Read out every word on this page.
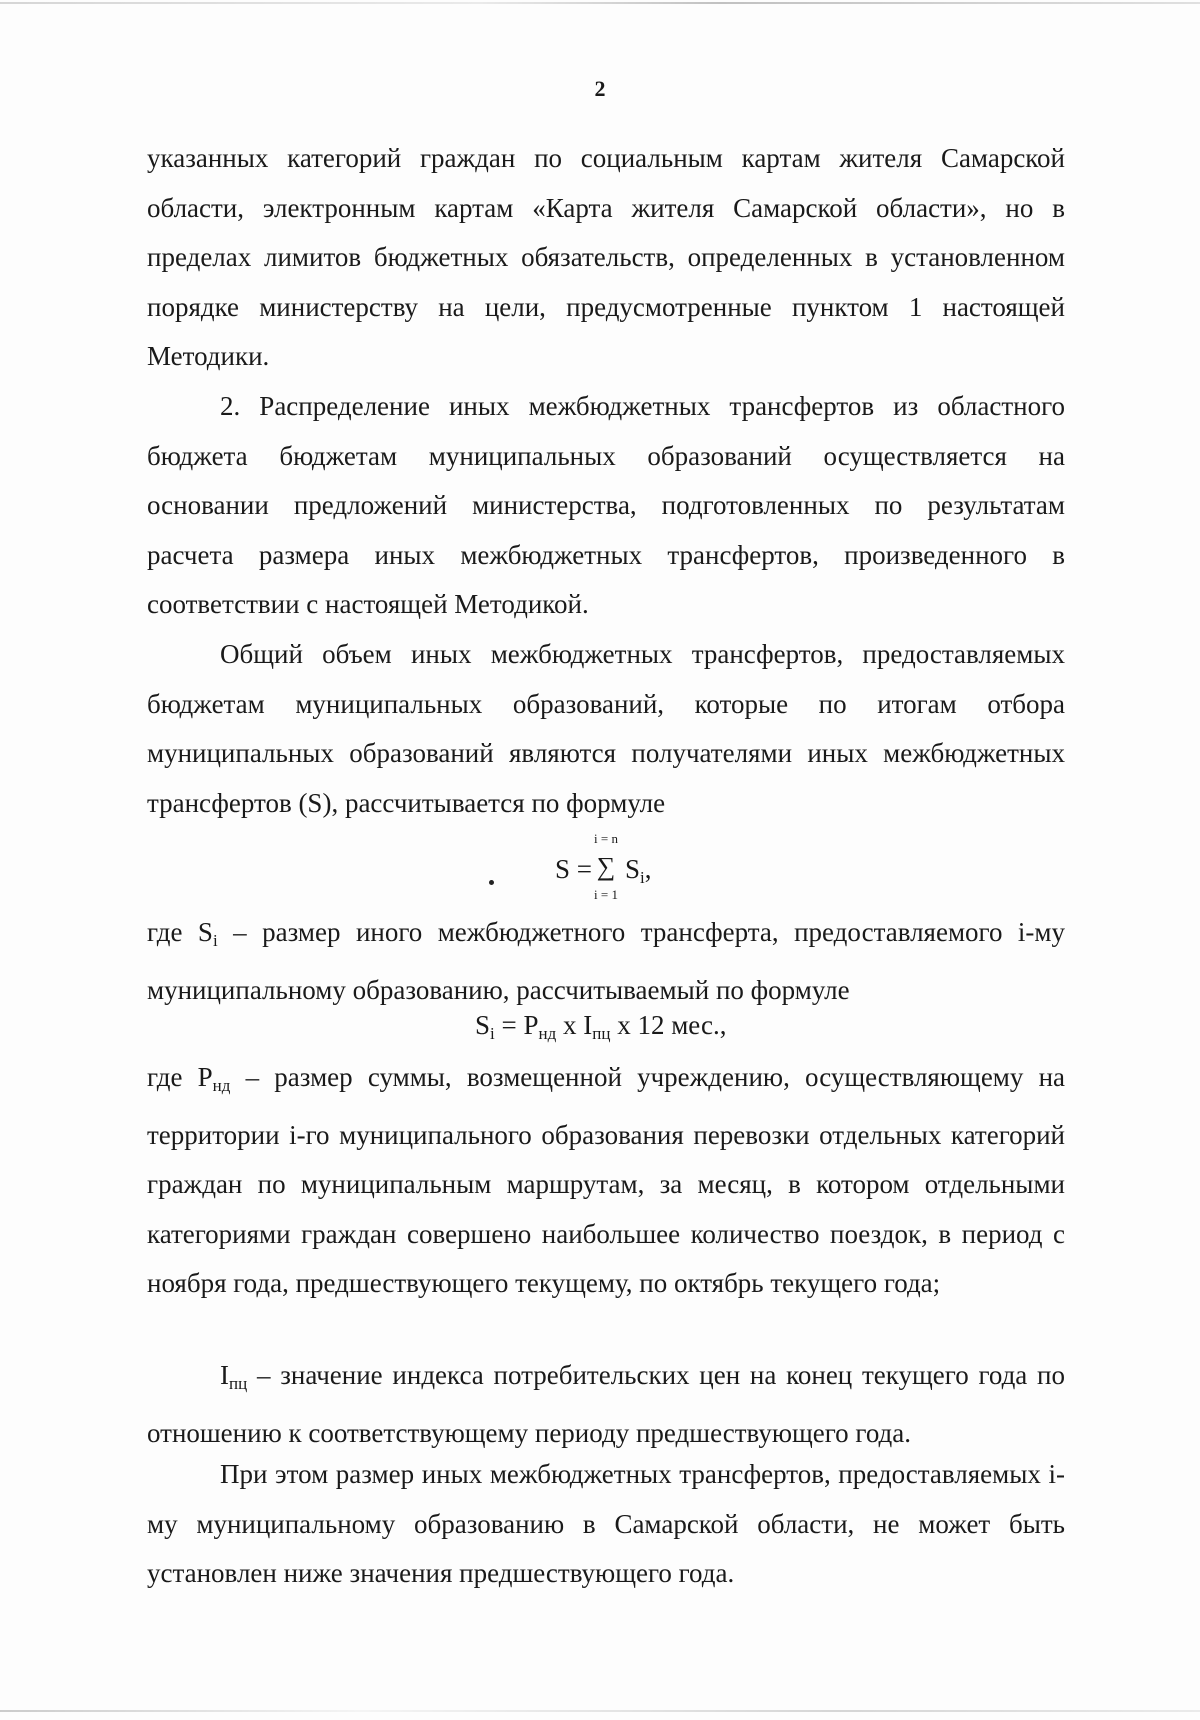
2

указанных категорий граждан по социальным картам жителя Самарской области, электронным картам «Карта жителя Самарской области», но в пределах лимитов бюджетных обязательств, определенных в установленном порядке министерству на цели, предусмотренные пунктом 1 настоящей Методики.

2. Распределение иных межбюджетных трансфертов из областного бюджета бюджетам муниципальных образований осуществляется на основании предложений министерства, подготовленных по результатам расчета размера иных межбюджетных трансфертов, произведенного в соответствии с настоящей Методикой.

Общий объем иных межбюджетных трансфертов, предоставляемых бюджетам муниципальных образований, которые по итогам отбора муниципальных образований являются получателями иных межбюджетных трансфертов (S), рассчитывается по формуле

S =
i = n
∑
i = 1
$S_i$,

где $S_i$ – размер иного межбюджетного трансферта, предоставляемого i-му муниципальному образованию, рассчитываемый по формуле

$S_i = P_{нд}$ x $I_{пц}$ x 12 мес.,

где $P_{нд}$ – размер суммы, возмещенной учреждению, осуществляющему на территории i-го муниципального образования перевозки отдельных категорий граждан по муниципальным маршрутам, за месяц, в котором отдельными категориями граждан совершено наибольшее количество поездок, в период с ноября года, предшествующего текущему, по октябрь текущего года;

$I_{пц}$ – значение индекса потребительских цен на конец текущего года по отношению к соответствующему периоду предшествующего года.

При этом размер иных межбюджетных трансфертов, предоставляемых i-му муниципальному образованию в Самарской области, не может быть установлен ниже значения предшествующего года.
